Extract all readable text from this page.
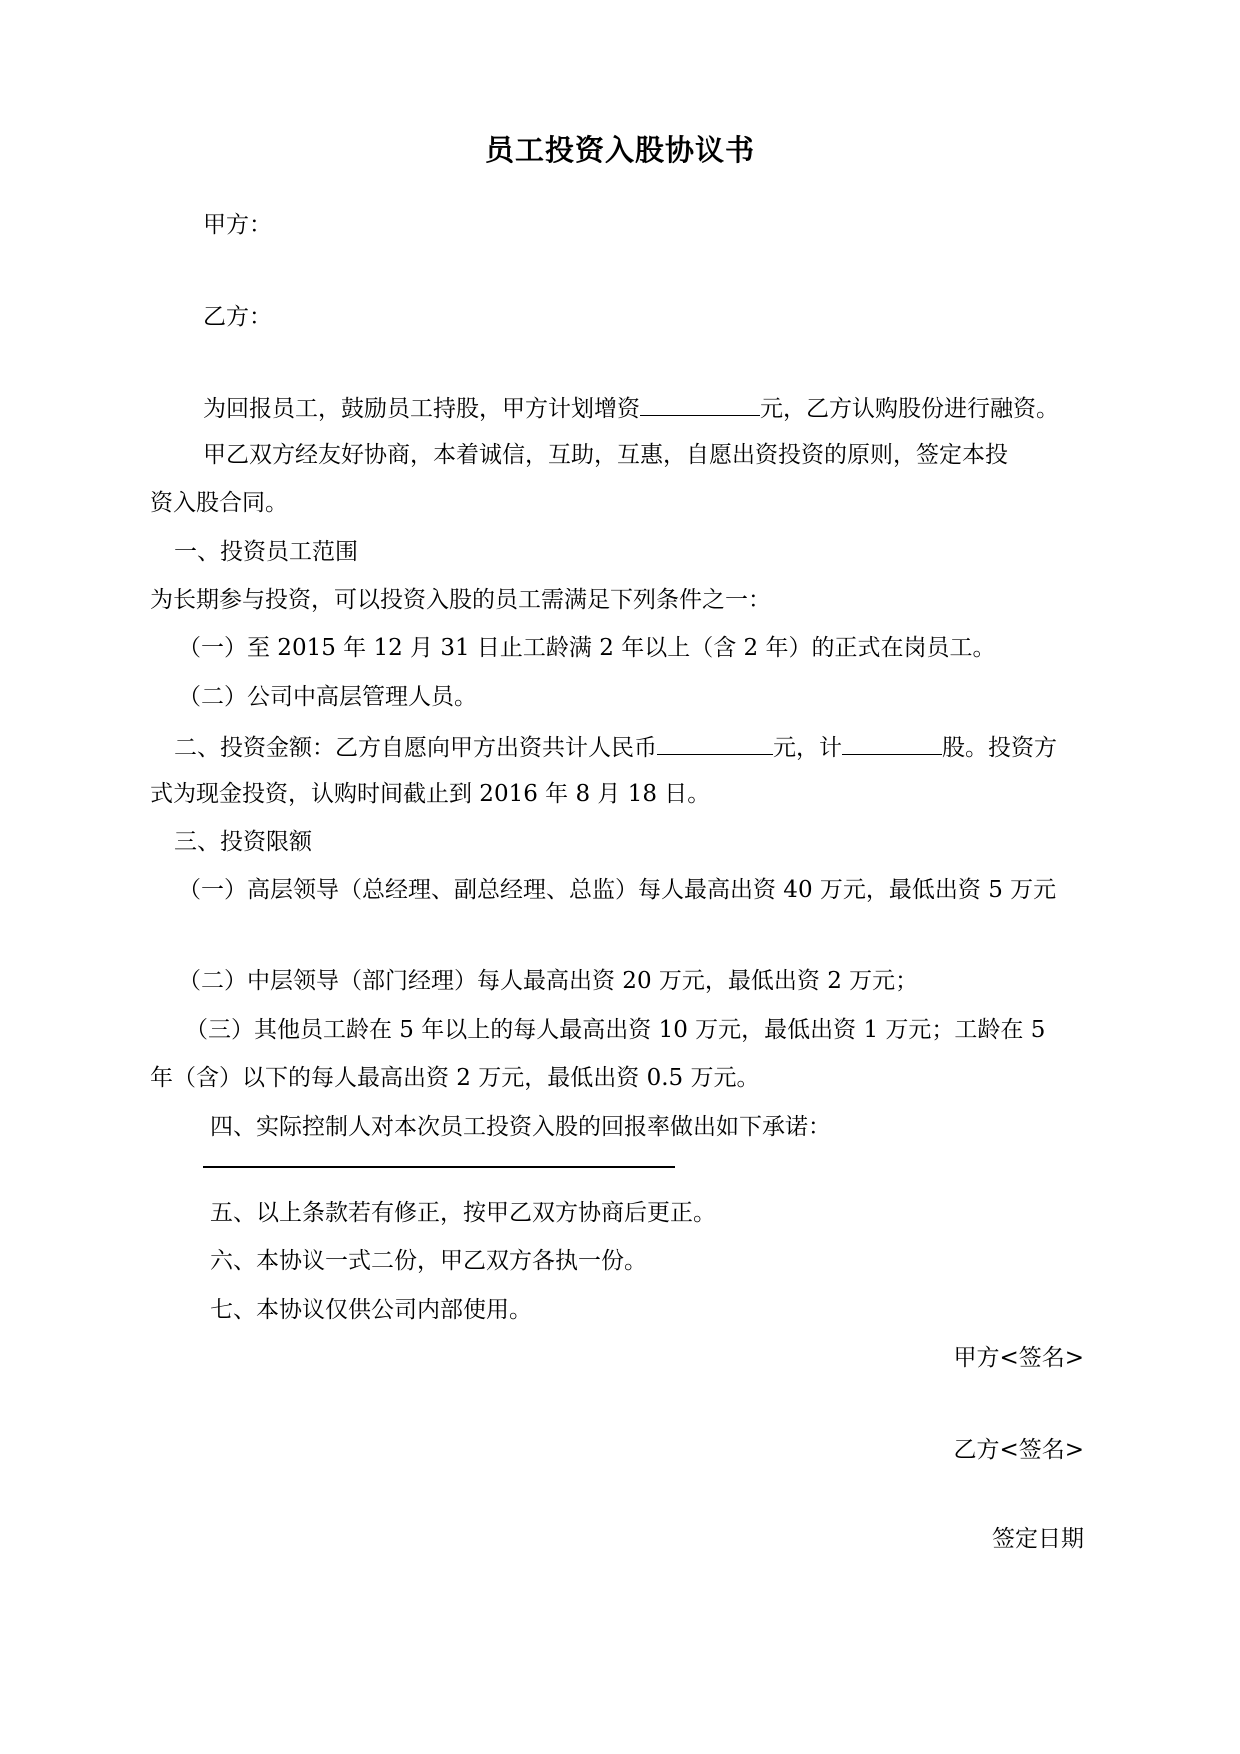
员工投资入股协议书
甲方：
乙方：
为回报员工，鼓励员工持股，甲方计划增资	元，乙方认购股份进行融资。
甲乙双方经友好协商，本着诚信，互助，互惠，自愿出资投资的原则，签定本投
资入股合同。
一、投资员工范围
为长期参与投资，可以投资入股的员工需满足下列条件之一：
（一）至 2015 年 12 月 31 日止工龄满 2 年以上（含 2 年）的正式在岗员工。
（二）公司中高层管理人员。
二、投资金额：乙方自愿向甲方出资共计人民币	元，计	股。投资方
式为现金投资，认购时间截止到 2016 年 8 月 18 日。
三、投资限额
（一）高层领导（总经理、副总经理、总监）每人最高出资 40 万元，最低出资 5 万元
（二）中层领导（部门经理）每人最高出资 20 万元，最低出资 2 万元；
（三）其他员工龄在 5 年以上的每人最高出资 10 万元，最低出资 1 万元；工龄在 5
年（含）以下的每人最高出资 2 万元，最低出资 0.5 万元。
四、实际控制人对本次员工投资入股的回报率做出如下承诺：
五、以上条款若有修正，按甲乙双方协商后更正。
六、本协议一式二份，甲乙双方各执一份。
七、本协议仅供公司内部使用。
甲方<签名>
乙方<签名>
签定日期
